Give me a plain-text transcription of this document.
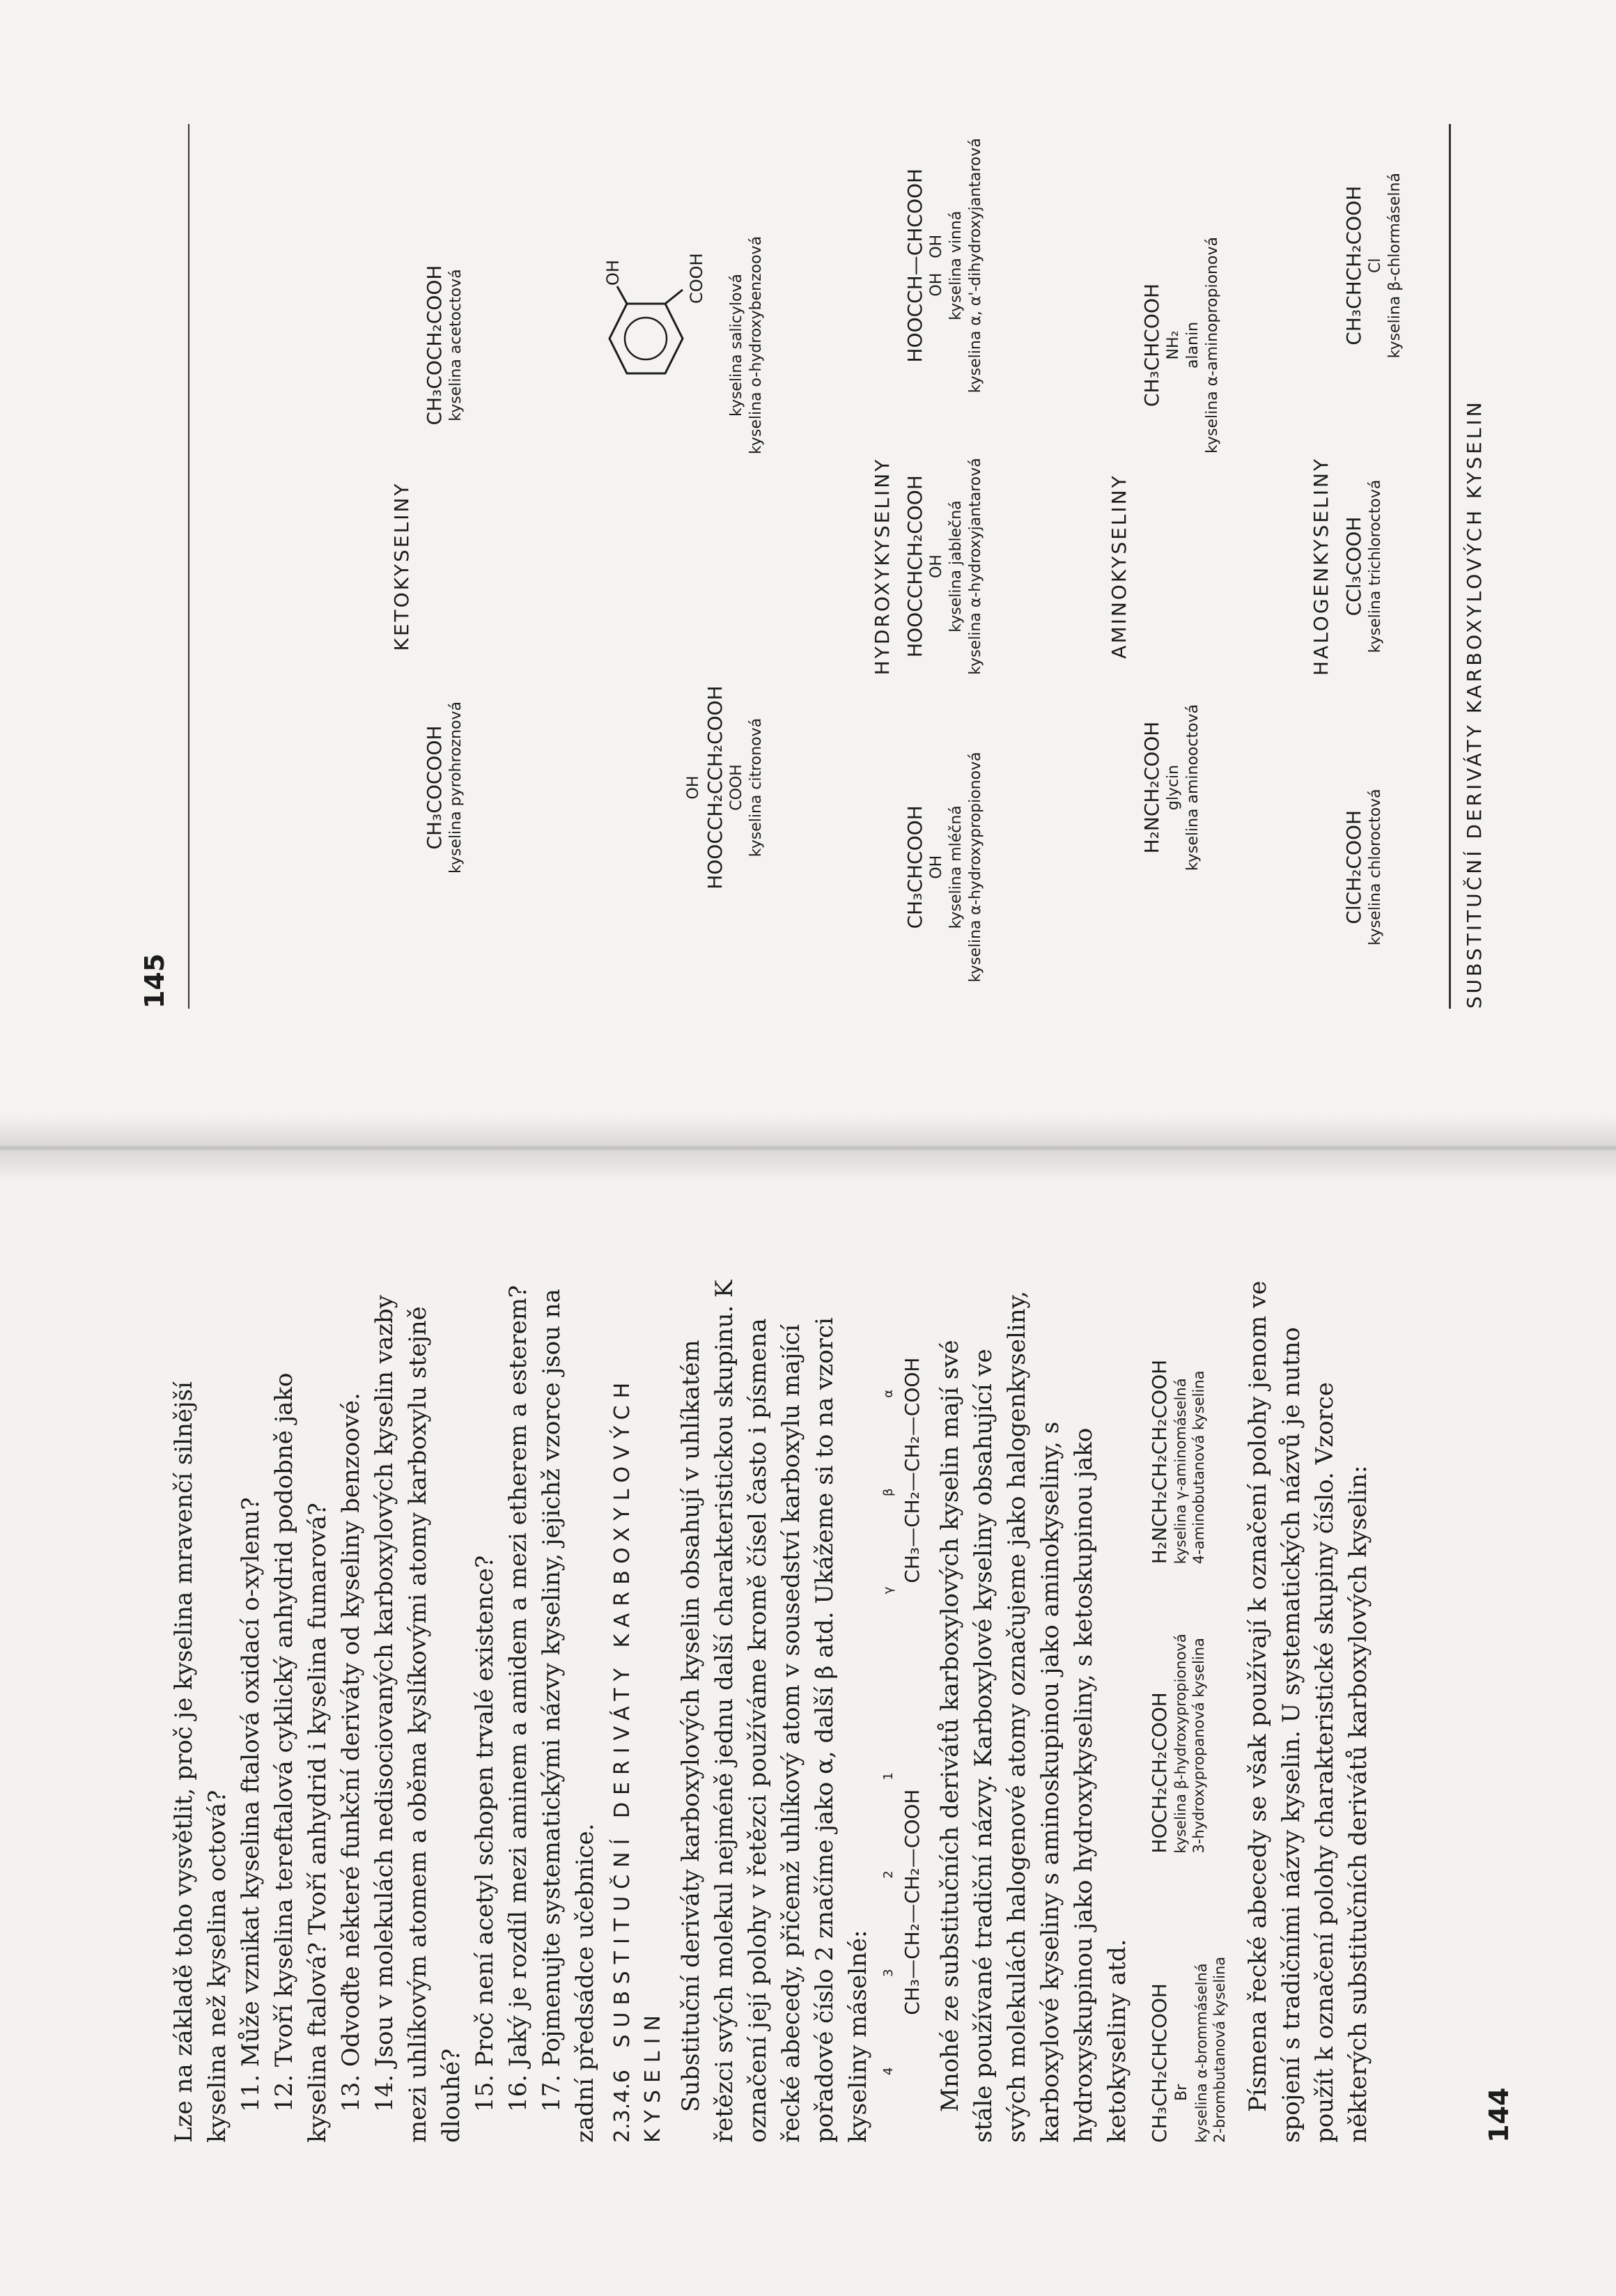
Lze na základě toho vysvětlit, proč je kyselina mravenčí silnější kyselina než kyselina octová? 11. Může vznikat kyselina ftalová oxidací o-xylenu? 12. Tvoří kyselina tereftalová cyklický anhydrid podobně jako kyselina ftalová? Tvoří anhydrid i kyselina fumarová? 13. Odvoďte některé funkční deriváty od kyseliny benzoové. 14. Jsou v molekulách nedisociovaných karboxylových kyselin vazby mezi uhlíkovým atomem a oběma kyslíkovými atomy karboxylu stejně dlouhé? 15. Proč není acetyl schopen trvalé existence? 16. Jaký je rozdíl mezi aminem a amidem a mezi etherem a esterem? 17. Pojmenujte systematickými názvy kyseliny, jejichž vzorce jsou na zadní předsádce učebnice. 2.3.4.6 SUBSTITUČNÍ DERIVÁTY KARBOXYLOVÝCH KYSELIN Substituční deriváty karboxylových kyselin obsahují v uhlíkatém řetězci svých molekul nejméně jednu další charakteristickou skupinu. K označení její polohy v řetězci používáme kromě čísel často i písmena řecké abecedy, přičemž uhlíkový atom v sousedství karboxylu mající pořadové číslo 2 značíme jako α, další β atd. Ukážeme si to na vzorci kyseliny máselné: 4 3 2 1 CH₃—CH₂—CH₂—COOH
γ β α CH₃—CH₂—CH₂—COOH Mnohé ze substitučních derivátů karboxylových kyselin mají své stále používané tradiční názvy. Karboxylové kyseliny obsahující ve svých molekulách halogenové atomy označujeme jako halogenkyseliny, karboxylové kyseliny s aminoskupinou jako aminokyseliny, s hydroxyskupinou jako hydroxykyseliny, s ketoskupinou jako ketokyseliny atd. CH₃CH₂CHCOOH Br kyselina α-brommáselná 2-brombutanová kyselina
HOCH₂CH₂COOH kyselina β-hydroxypropionová 3-hydroxypropanová kyselina
H₂NCH₂CH₂CH₂COOH kyselina γ-aminomáselná 4-aminobutanová kyselina Písmena řecké abecedy se však používají k označení polohy jenom ve spojení s tradičními názvy kyselin. U systematických názvů je nutno použít k označení polohy charakteristické skupiny číslo. Vzorce některých substitučních derivátů karboxylových kyselin:	144
145
HALOGENKYSELINY
ClCH₂COOH kyselina chloroctová
CCl₃COOH kyselina trichloroctová
CH₃CHCH₂COOH Cl kyselina β-chlormáselná
AMINOKYSELINY
H₂NCH₂COOH glycin kyselina aminooctová
CH₃CHCOOH NH₂ alanin kyselina α-aminopropionová
HYDROXYKYSELINY
CH₃CHCOOH OH kyselina mléčná kyselina α-hydroxypropionová
HOOCCHCH₂COOH OH kyselina jablečná kyselina α-hydroxyjantarová
HOOCCH—CHCOOH OH   OH kyselina vinná kyselina α, α'-dihydroxyjantarová
OH HOOCCH₂CCH₂COOH COOH kyselina citronová
OH	COOH kyselina salicylová kyselina o-hydroxybenzoová
KETOKYSELINY
CH₃COCOOH kyselina pyrohroznová
CH₃COCH₂COOH kyselina acetoctová
SUBSTITUČNÍ DERIVÁTY KARBOXYLOVÝCH KYSELIN
